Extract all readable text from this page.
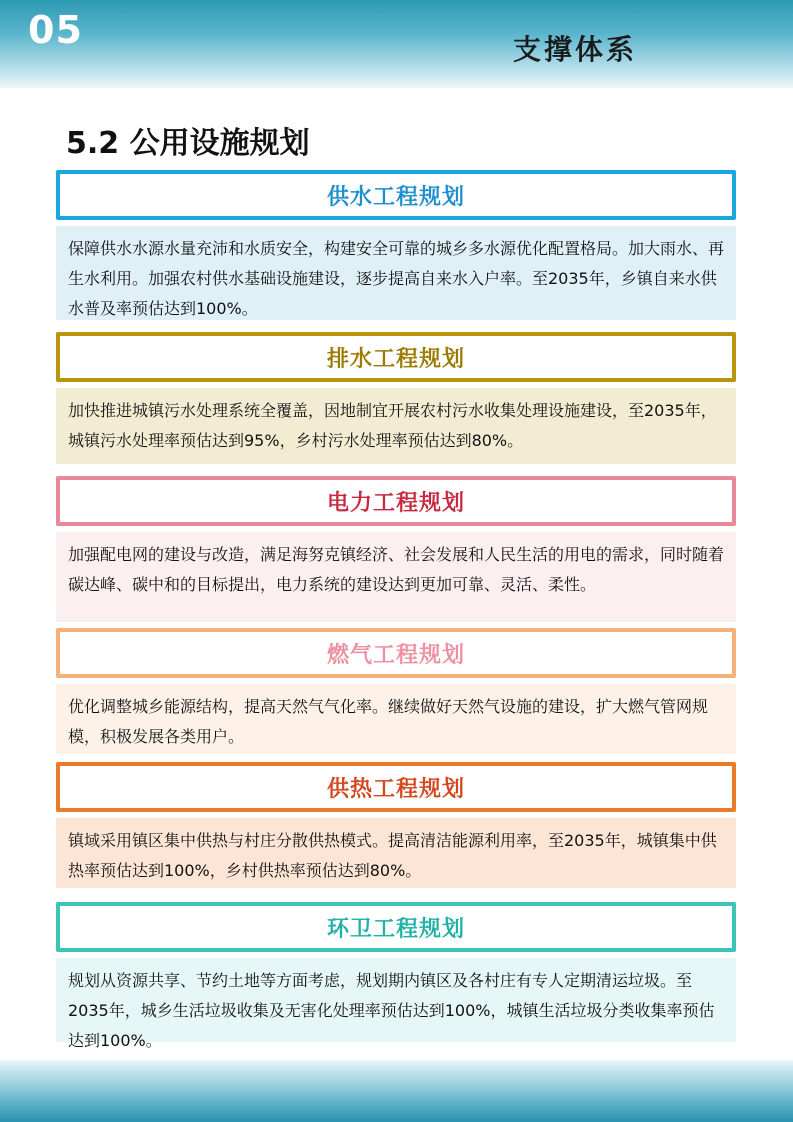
05	支撑体系
5.2 公用设施规划
供水工程规划
保障供水水源水量充沛和水质安全，构建安全可靠的城乡多水源优化配置格局。加大雨水、再生水利用。加强农村供水基础设施建设，逐步提高自来水入户率。至2035年，乡镇自来水供水普及率预估达到100%。
排水工程规划
加快推进城镇污水处理系统全覆盖，因地制宜开展农村污水收集处理设施建设，至2035年，城镇污水处理率预估达到95%，乡村污水处理率预估达到80%。
电力工程规划
加强配电网的建设与改造，满足海努克镇经济、社会发展和人民生活的用电的需求，同时随着碳达峰、碳中和的目标提出，电力系统的建设达到更加可靠、灵活、柔性。
燃气工程规划
优化调整城乡能源结构，提高天然气气化率。继续做好天然气设施的建设，扩大燃气管网规模，积极发展各类用户。
供热工程规划
镇域采用镇区集中供热与村庄分散供热模式。提高清洁能源利用率，至2035年，城镇集中供热率预估达到100%，乡村供热率预估达到80%。
环卫工程规划
规划从资源共享、节约土地等方面考虑，规划期内镇区及各村庄有专人定期清运垃圾。至2035年，城乡生活垃圾收集及无害化处理率预估达到100%，城镇生活垃圾分类收集率预估达到100%。
